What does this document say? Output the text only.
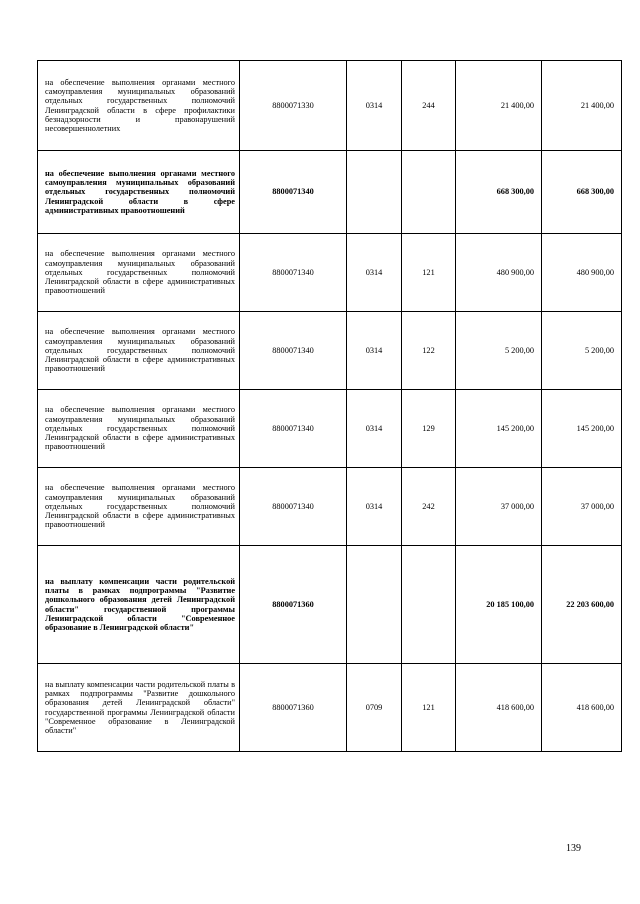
на обеспечение выполнения органами местного самоуправления муниципальных образований отдельных государственных полномочий Ленинградской области в сфере профилактики безнадзорности и правонарушений несовершеннолетних	8800071330	0314	244	21 400,00	21 400,00
на обеспечение выполнения органами местного самоуправления муниципальных образований отдельных государственных полномочий Ленинградской области в сфере административных правоотношений	8800071340			668 300,00	668 300,00
на обеспечение выполнения органами местного самоуправления муниципальных образований отдельных государственных полномочий Ленинградской области в сфере административных правоотношений	8800071340	0314	121	480 900,00	480 900,00
на обеспечение выполнения органами местного самоуправления муниципальных образований отдельных государственных полномочий Ленинградской области в сфере административных правоотношений	8800071340	0314	122	5 200,00	5 200,00
на обеспечение выполнения органами местного самоуправления муниципальных образований отдельных государственных полномочий Ленинградской области в сфере административных правоотношений	8800071340	0314	129	145 200,00	145 200,00
на обеспечение выполнения органами местного самоуправления муниципальных образований отдельных государственных полномочий Ленинградской области в сфере административных правоотношений	8800071340	0314	242	37 000,00	37 000,00
на выплату компенсации части родительской платы в рамках подпрограммы "Развитие дошкольного образования детей Ленинградской области" государственной программы Ленинградской области "Современное образование в Ленинградской области"	8800071360			20 185 100,00	22 203 600,00
на выплату компенсации части родительской платы в рамках подпрограммы "Развитие дошкольного образования детей Ленинградской области" государственной программы Ленинградской области "Современное образование в Ленинградской области"	8800071360	0709	121	418 600,00	418 600,00
139
